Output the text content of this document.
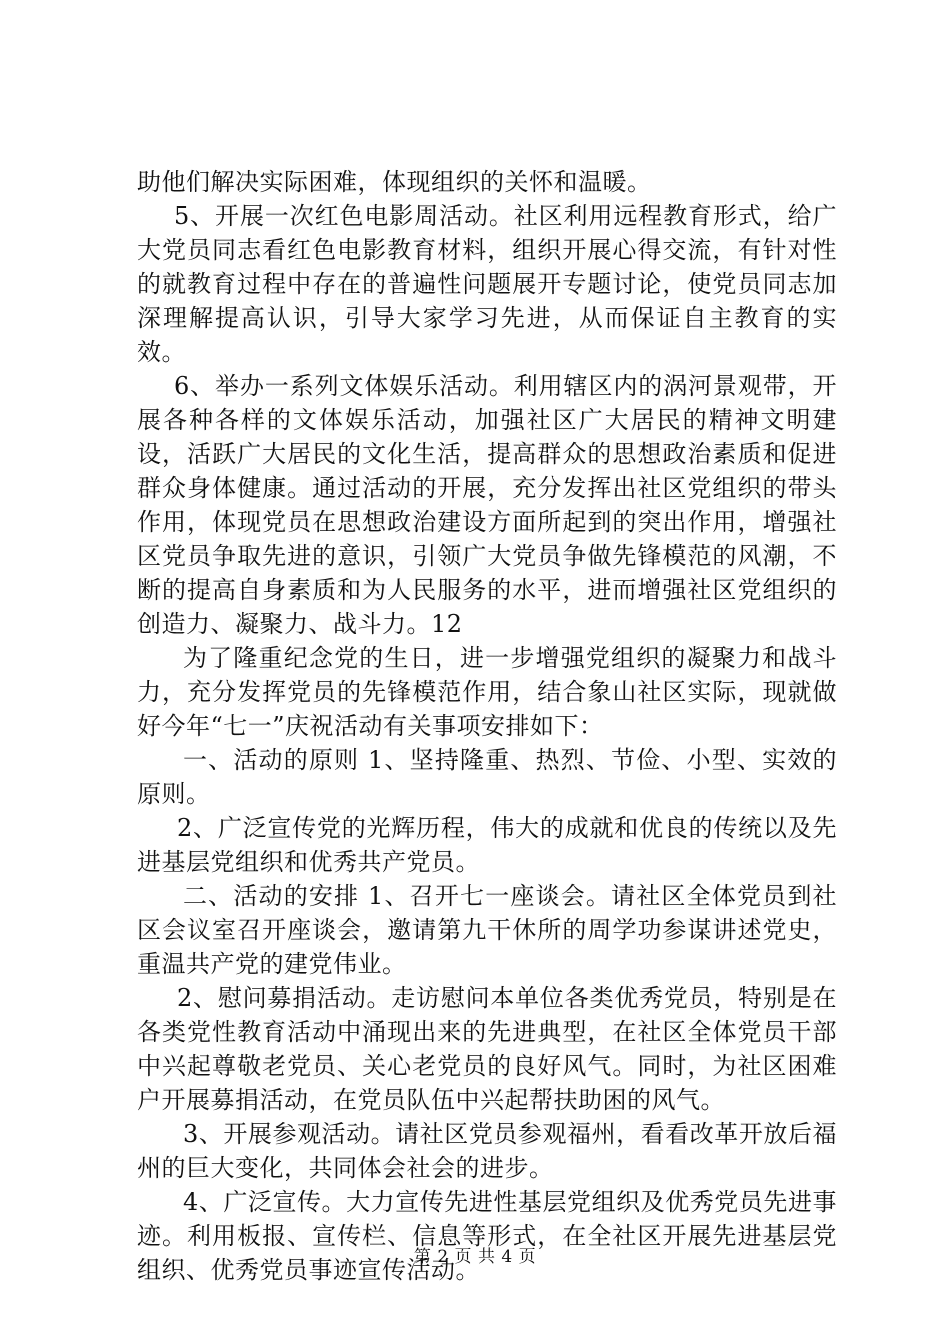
助他们解决实际困难，体现组织的关怀和温暖。

5、开展一次红色电影周活动。社区利用远程教育形式，给广大党员同志看红色电影教育材料，组织开展心得交流，有针对性的就教育过程中存在的普遍性问题展开专题讨论，使党员同志加深理解提高认识，引导大家学习先进，从而保证自主教育的实效。

6、举办一系列文体娱乐活动。利用辖区内的涡河景观带，开展各种各样的文体娱乐活动，加强社区广大居民的精神文明建设，活跃广大居民的文化生活，提高群众的思想政治素质和促进群众身体健康。通过活动的开展，充分发挥出社区党组织的带头作用，体现党员在思想政治建设方面所起到的突出作用，增强社区党员争取先进的意识，引领广大党员争做先锋模范的风潮，不断的提高自身素质和为人民服务的水平，进而增强社区党组织的创造力、凝聚力、战斗力。12

为了隆重纪念党的生日，进一步增强党组织的凝聚力和战斗力，充分发挥党员的先锋模范作用，结合象山社区实际，现就做好今年“七一”庆祝活动有关事项安排如下：

一、活动的原则 1、坚持隆重、热烈、节俭、小型、实效的原则。

2、广泛宣传党的光辉历程，伟大的成就和优良的传统以及先进基层党组织和优秀共产党员。

二、活动的安排 1、召开七一座谈会。请社区全体党员到社区会议室召开座谈会，邀请第九干休所的周学功参谋讲述党史，重温共产党的建党伟业。

2、慰问募捐活动。走访慰问本单位各类优秀党员，特别是在各类党性教育活动中涌现出来的先进典型，在社区全体党员干部中兴起尊敬老党员、关心老党员的良好风气。同时，为社区困难户开展募捐活动，在党员队伍中兴起帮扶助困的风气。

3、开展参观活动。请社区党员参观福州，看看改革开放后福州的巨大变化，共同体会社会的进步。

4、广泛宣传。大力宣传先进性基层党组织及优秀党员先进事迹。利用板报、宣传栏、信息等形式，在全社区开展先进基层党组织、优秀党员事迹宣传活动。

第 2 页 共 4 页
